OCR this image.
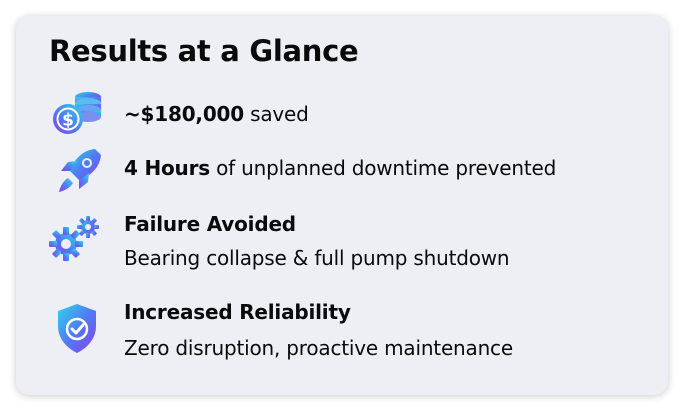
Results at a Glance
$	~$180,000 saved
4 Hours of unplanned downtime prevented
Failure Avoided
Bearing collapse & full pump shutdown
Increased Reliability
Zero disruption, proactive maintenance
